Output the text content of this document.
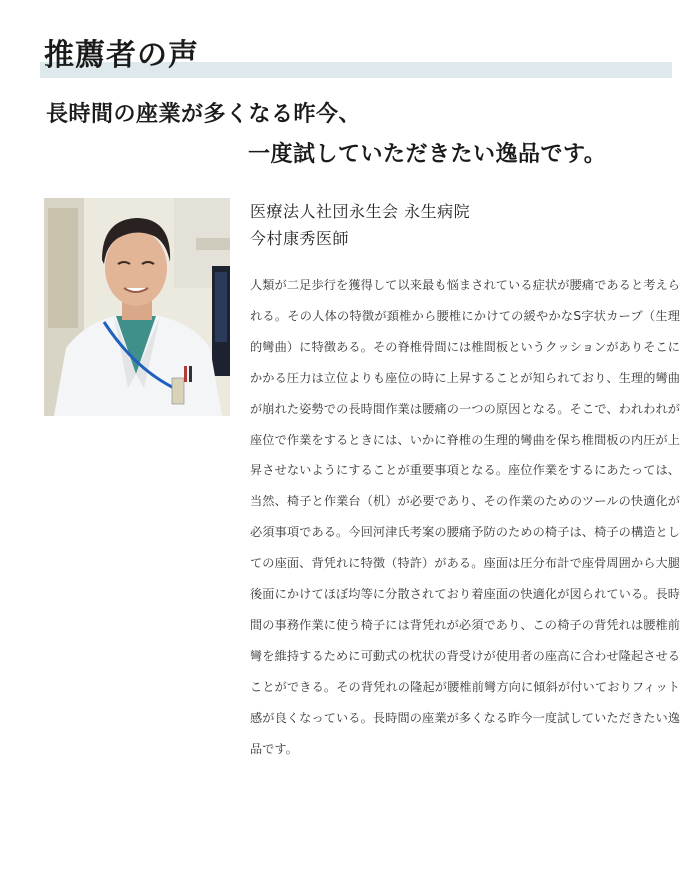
推薦者の声
長時間の座業が多くなる昨今、
一度試していただきたい逸品です。
医療法人社団永生会 永生病院
今村康秀医師

人類が二足歩行を獲得して以来最も悩まされている症状が腰痛であると考えられる。その人体の特徴が頚椎から腰椎にかけての緩やかなS字状カーブ（生理的彎曲）に特徴ある。その脊椎骨間には椎間板というクッションがありそこにかかる圧力は立位よりも座位の時に上昇することが知られており、生理的彎曲が崩れた姿勢での長時間作業は腰痛の一つの原因となる。そこで、われわれが座位で作業をするときには、いかに脊椎の生理的彎曲を保ち椎間板の内圧が上昇させないようにすることが重要事項となる。座位作業をするにあたっては、当然、椅子と作業台（机）が必要であり、その作業のためのツールの快適化が必須事項である。今回河津氏考案の腰痛予防のための椅子は、椅子の構造としての座面、背凭れに特徴（特許）がある。座面は圧分布計で座骨周囲から大腿後面にかけてほぼ均等に分散されており着座面の快適化が図られている。長時間の事務作業に使う椅子には背凭れが必須であり、この椅子の背凭れは腰椎前彎を維持するために可動式の枕状の背受けが使用者の座高に合わせ隆起させることができる。その背凭れの隆起が腰椎前彎方向に傾斜が付いておりフィット感が良くなっている。長時間の座業が多くなる昨今一度試していただきたい逸品です。
